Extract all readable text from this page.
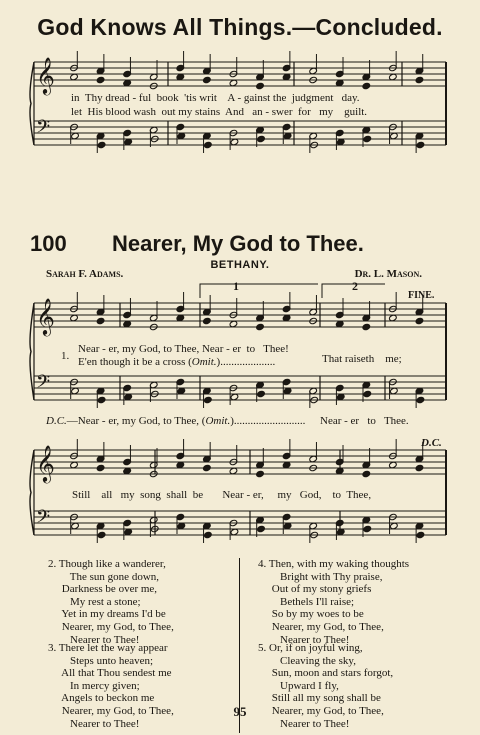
God Knows All Things.—Concluded.
𝄞
𝄢
𝄞
𝄢
𝄞
𝄢
in  Thy dread - ful  book  'tis writ    A - gainst the  judgment   day.
let  His blood wash  out my stains  And   an - swer  for   my    guilt.
100 Nearer, My God to Thee.
BETHANY.
Sarah F. Adams.	Dr. L. Mason.
1	2
FINE.
1.
Near - er, my God, to Thee, Near - er  to   Thee!
E'en though it be a cross (Omit.)....................	That raiseth    me;
D.C.—Near - er, my God, to Thee, (Omit.).......................... Near - er   to   Thee.
D.C.
Still    all   my  song  shall  be       Near - er,     my   God,    to  Thee,
2. Though like a wanderer,
The sun gone down,
Darkness be over me,
My rest a stone;
Yet in my dreams I'd be
Nearer, my God, to Thee,
Nearer to Thee!
3. There let the way appear
Steps unto heaven;
All that Thou sendest me
In mercy given;
Angels to beckon me
Nearer, my God, to Thee,
Nearer to Thee!
4. Then, with my waking thoughts
Bright with Thy praise,
Out of my stony griefs
Bethels I'll raise;
So by my woes to be
Nearer, my God, to Thee,
Nearer to Thee!
5. Or, if on joyful wing,
Cleaving the sky,
Sun, moon and stars forgot,
Upward I fly,
Still all my song shall be
Nearer, my God, to Thee,
Nearer to Thee!
95
